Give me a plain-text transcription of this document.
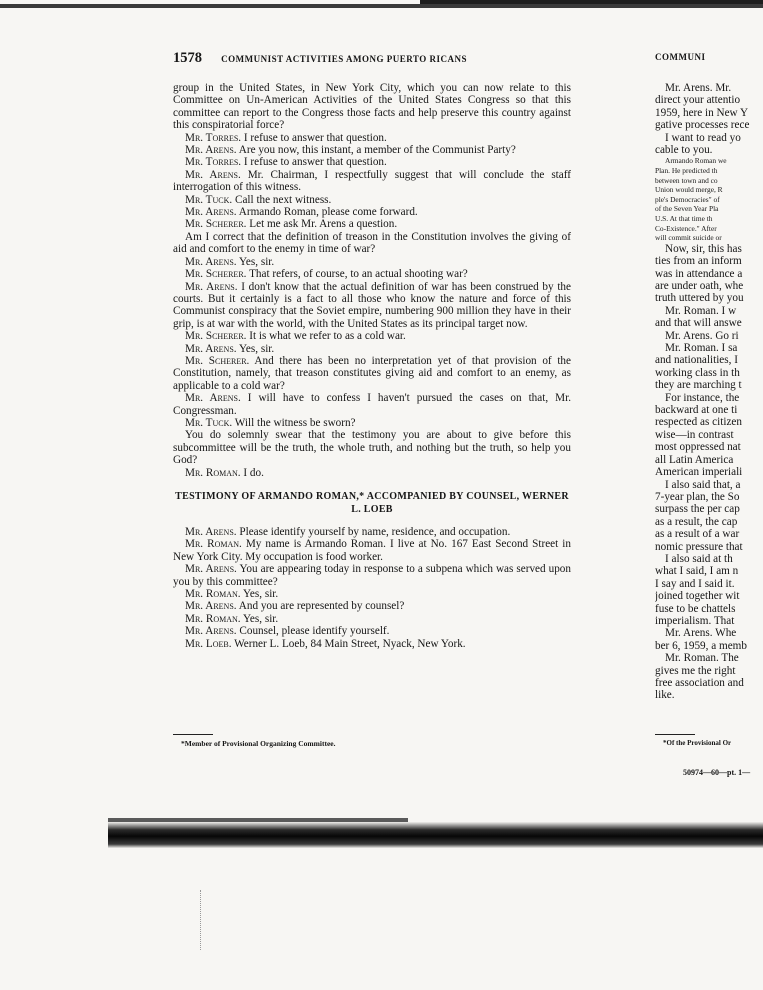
1578 COMMUNIST ACTIVITIES AMONG PUERTO RICANS	COMMUNI

group in the United States, in New York City, which you can now relate to this Committee on Un-American Activities of the United States Congress so that this committee can report to the Congress those facts and help preserve this country against this conspiratorial force?

Mr. Torres. I refuse to answer that question.

Mr. Arens. Are you now, this instant, a member of the Communist Party?

Mr. Torres. I refuse to answer that question.

Mr. Arens. Mr. Chairman, I respectfully suggest that will conclude the staff interrogation of this witness.

Mr. Tuck. Call the next witness.

Mr. Arens. Armando Roman, please come forward.

Mr. Scherer. Let me ask Mr. Arens a question.

Am I correct that the definition of treason in the Constitution involves the giving of aid and comfort to the enemy in time of war?

Mr. Arens. Yes, sir.

Mr. Scherer. That refers, of course, to an actual shooting war?

Mr. Arens. I don't know that the actual definition of war has been construed by the courts. But it certainly is a fact to all those who know the nature and force of this Communist conspiracy that the Soviet empire, numbering 900 million they have in their grip, is at war with the world, with the United States as its principal target now.

Mr. Scherer. It is what we refer to as a cold war.

Mr. Arens. Yes, sir.

Mr. Scherer. And there has been no interpretation yet of that provision of the Constitution, namely, that treason constitutes giving aid and comfort to an enemy, as applicable to a cold war?

Mr. Arens. I will have to confess I haven't pursued the cases on that, Mr. Congressman.

Mr. Tuck. Will the witness be sworn?

You do solemnly swear that the testimony you are about to give before this subcommittee will be the truth, the whole truth, and nothing but the truth, so help you God?

Mr. Roman. I do.

TESTIMONY OF ARMANDO ROMAN,* ACCOMPANIED BY COUNSEL, WERNER L. LOEB

Mr. Arens. Please identify yourself by name, residence, and occupation.

Mr. Roman. My name is Armando Roman. I live at No. 167 East Second Street in New York City. My occupation is food worker.

Mr. Arens. You are appearing today in response to a subpena which was served upon you by this committee?

Mr. Roman. Yes, sir.

Mr. Arens. And you are represented by counsel?

Mr. Roman. Yes, sir.

Mr. Arens. Counsel, please identify yourself.

Mr. Loeb. Werner L. Loeb, 84 Main Street, Nyack, New York.

*Member of Provisional Organizing Committee.

Mr. Arens. Mr.

direct your attentio

1959, here in New Y

gative processes rece

I want to read yo

cable to you.

Armando Roman we

Plan. He predicted th

between town and co

Union would merge, R

ple's Democracies" of

of the Seven Year Pla

U.S. At that time th

Co-Existence." After

will commit suicide or

Now, sir, this has

ties from an inform

was in attendance a

are under oath, whe

truth uttered by you

Mr. Roman. I w

and that will answe

Mr. Arens. Go ri

Mr. Roman. I sa

and nationalities, I

working class in th

they are marching t

For instance, the

backward at one ti

respected as citizen

wise—in contrast

most oppressed nat

all Latin America

American imperiali

I also said that, a

7-year plan, the So

surpass the per cap

as a result, the cap

as a result of a war

nomic pressure that

I also said at th

what I said, I am n

I say and I said it.

joined together wit

fuse to be chattels

imperialism. That

Mr. Arens. Whe

ber 6, 1959, a memb

Mr. Roman. The

gives me the right

free association and

like.

*Of the Provisional Or
50974—60—pt. 1—
